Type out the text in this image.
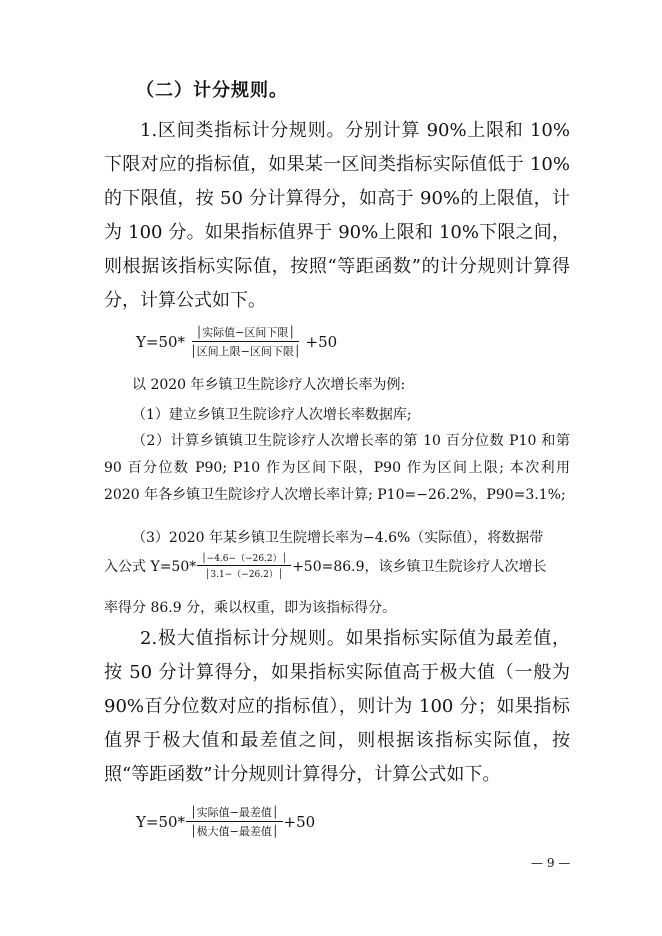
（二）计分规则。

1.区间类指标计分规则。分别计算 90%上限和 10%下限对应的指标值，如果某一区间类指标实际值低于 10%的下限值，按 50 分计算得分，如高于 90%的上限值，计为 100 分。如果指标值界于 90%上限和 10%下限之间，则根据该指标实际值，按照“等距函数”的计分规则计算得分，计算公式如下。

$Y=50* \frac{\text{│实际值−区间下限│}}{\text{│区间上限−区间下限│}} +50$
以 2020 年乡镇卫生院诊疗人次增长率为例:
（1）建立乡镇卫生院诊疗人次增长率数据库;

（2）计算乡镇镇卫生院诊疗人次增长率的第 10 百分位数 P10 和第 90 百分位数 P90; P10 作为区间下限，P90 作为区间上限; 本次利用 2020 年各乡镇卫生院诊疗人次增长率计算; P10=−26.2%，P90=3.1%;

（3）2020 年某乡镇卫生院增长率为−4.6%（实际值），将数据带
入公式 $Y=50* \frac{│-4.6-(-26.2)│}{│3.1-(-26.2)│} +50=86.9$，该乡镇卫生院诊疗人次增长
率得分 86.9 分，乘以权重，即为该指标得分。

2.极大值指标计分规则。如果指标实际值为最差值，按 50 分计算得分，如果指标实际值高于极大值（一般为 90%百分位数对应的指标值），则计为 100 分；如果指标值界于极大值和最差值之间，则根据该指标实际值，按照“等距函数”计分规则计算得分，计算公式如下。

$Y=50* \frac{\text{│实际值−最差值│}}{\text{│极大值−最差值│}} +50$
— 9 —
